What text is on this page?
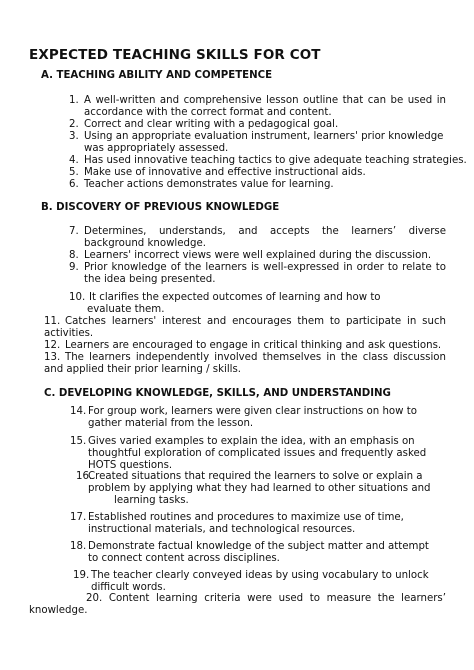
EXPECTED TEACHING SKILLS FOR COT
A. TEACHING ABILITY AND COMPETENCE
1. A well-written and comprehensive lesson outline that can be used in accordance with the correct format and content.
2. Correct and clear writing with a pedagogical goal.
3. Using an appropriate evaluation instrument, learners' prior knowledge was appropriately assessed.
4. Has used innovative teaching tactics to give adequate teaching strategies.
5. Make use of innovative and effective instructional aids.
6. Teacher actions demonstrates value for learning.
B. DISCOVERY OF PREVIOUS KNOWLEDGE
7. Determines, understands, and accepts the learners’ diverse background knowledge.
8. Learners' incorrect views were well explained during the discussion.
9. Prior knowledge of the learners is well-expressed in order to relate to the idea being presented.
10. It clarifies the expected outcomes of learning and how to
evaluate them.
11. Catches learners' interest and encourages them to participate in such activities.
12. Learners are encouraged to engage in critical thinking and ask questions.
13. The learners independently involved themselves in the class discussion and applied their prior learning / skills.
C. DEVELOPING KNOWLEDGE, SKILLS, AND UNDERSTANDING
14. For group work, learners were given clear instructions on how to gather material from the lesson.
15. Gives varied examples to explain the idea, with an emphasis on thoughtful exploration of complicated issues and frequently asked HOTS questions.
16.
Created situations that required the learners to solve or explain a problem by applying what they had learned to other situations and
learning tasks.
17. Established routines and procedures to maximize use of time, instructional materials, and technological resources.
18. Demonstrate factual knowledge of the subject matter and attempt to connect content across disciplines.
19. The teacher clearly conveyed ideas by using vocabulary to unlock difficult words.
20. Content learning criteria were used to measure the learners’ knowledge.
